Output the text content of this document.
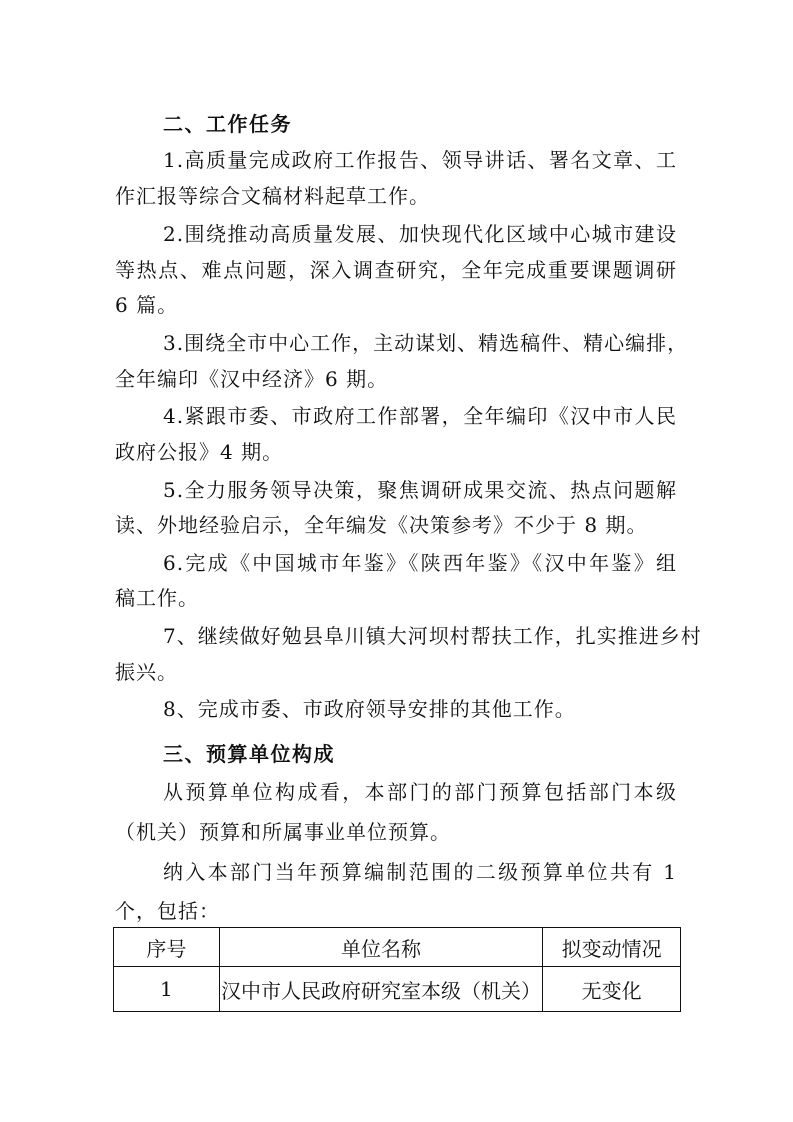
二、工作任务
1.高质量完成政府工作报告、领导讲话、署名文章、工
作汇报等综合文稿材料起草工作。
2.围绕推动高质量发展、加快现代化区域中心城市建设
等热点、难点问题，深入调查研究，全年完成重要课题调研
6 篇。
3.围绕全市中心工作，主动谋划、精选稿件、精心编排，
全年编印《汉中经济》6 期。
4.紧跟市委、市政府工作部署，全年编印《汉中市人民
政府公报》4 期。
5.全力服务领导决策，聚焦调研成果交流、热点问题解
读、外地经验启示，全年编发《决策参考》不少于 8 期。
6.完成《中国城市年鉴》《陕西年鉴》《汉中年鉴》组
稿工作。
7、继续做好勉县阜川镇大河坝村帮扶工作，扎实推进乡村
振兴。
8、完成市委、市政府领导安排的其他工作。
三、预算单位构成
从预算单位构成看，本部门的部门预算包括部门本级
（机关）预算和所属事业单位预算。
纳入本部门当年预算编制范围的二级预算单位共有 1
个，包括：
序号	单位名称	拟变动情况
1	汉中市人民政府研究室本级（机关）	无变化
